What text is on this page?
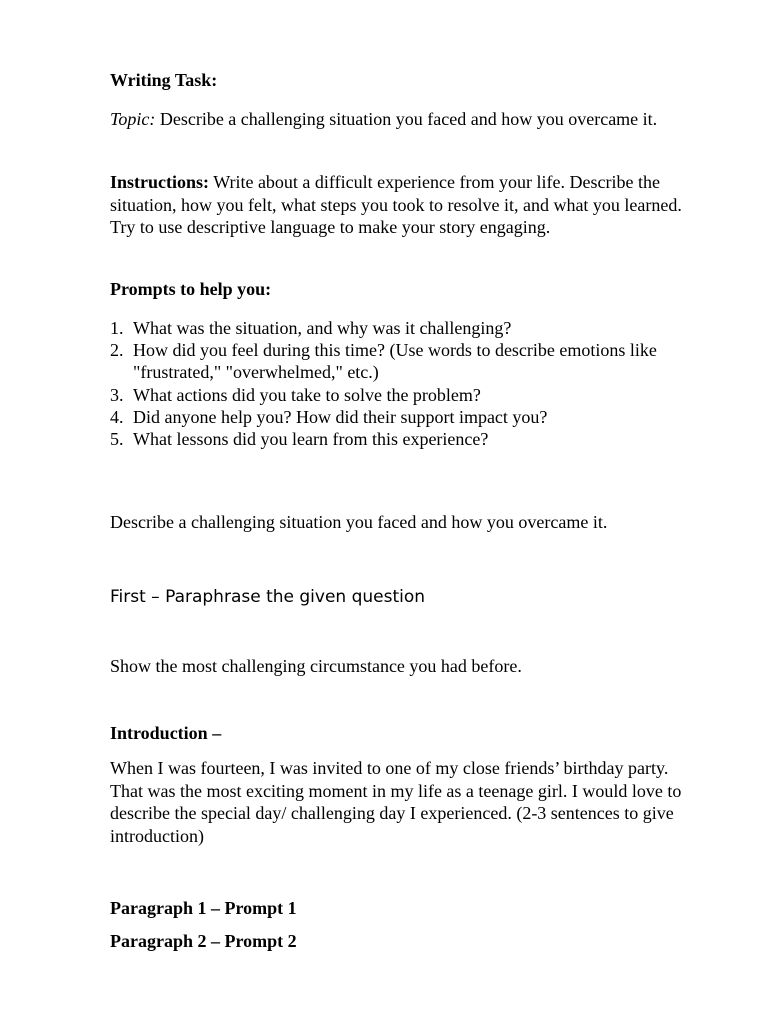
Writing Task:
Topic: Describe a challenging situation you faced and how you overcame it.
Instructions: Write about a difficult experience from your life. Describe the situation, how you felt, what steps you took to resolve it, and what you learned. Try to use descriptive language to make your story engaging.
Prompts to help you:
1. What was the situation, and why was it challenging?
2. How did you feel during this time? (Use words to describe emotions like "frustrated," "overwhelmed," etc.)
3. What actions did you take to solve the problem?
4. Did anyone help you? How did their support impact you?
5. What lessons did you learn from this experience?
Describe a challenging situation you faced and how you overcame it.
First – Paraphrase the given question
Show the most challenging circumstance you had before.
Introduction –
When I was fourteen, I was invited to one of my close friends’ birthday party. That was the most exciting moment in my life as a teenage girl. I would love to describe the special day/ challenging day I experienced. (2-3 sentences to give introduction)
Paragraph 1 – Prompt 1
Paragraph 2 – Prompt 2
